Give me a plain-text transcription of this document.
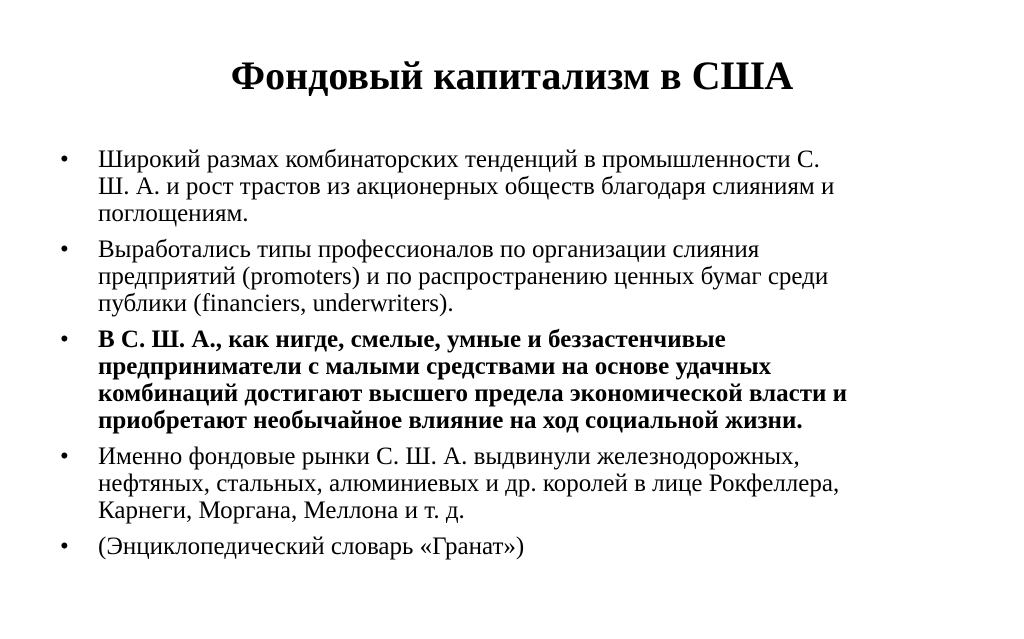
Фондовый капитализм в США
•	Широкий размах комбинаторских тенденций в промышленности С.
Ш. А. и рост трастов из акционерных обществ благодаря слияниям и
поглощениям.
•	Выработались типы профессионалов по организации слияния
предприятий (promoters) и по распространению ценных бумаг среди
публики (financiers, underwriters).
•	В С. Ш. А., как нигде, смелые, умные и беззастенчивые
предприниматели с малыми средствами на основе удачных
комбинаций достигают высшего предела экономической власти и
приобретают необычайное влияние на ход социальной жизни.
•	Именно фондовые рынки С. Ш. А. выдвинули железнодорожных,
нефтяных, стальных, алюминиевых и др. королей в лице Рокфеллера,
Карнеги, Моргана, Меллона и т. д.
•	(Энциклопедический словарь «Гранат»)
